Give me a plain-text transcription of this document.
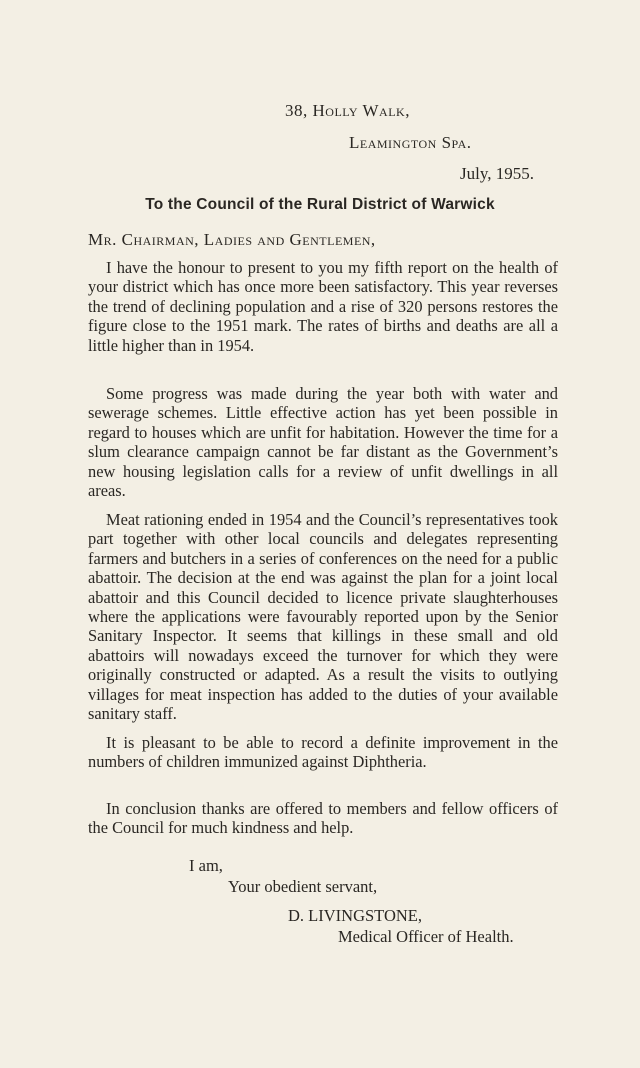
38, Holly Walk,
Leamington Spa.
July, 1955.
To the Council of the Rural District of Warwick
Mr. Chairman, Ladies and Gentlemen,

I have the honour to present to you my fifth report on the health of your district which has once more been satisfactory. This year reverses the trend of declining population and a rise of 320 persons restores the figure close to the 1951 mark. The rates of births and deaths are all a little higher than in 1954.

Some progress was made during the year both with water and sewerage schemes. Little effective action has yet been possible in regard to houses which are unfit for habitation. However the time for a slum clearance campaign cannot be far distant as the Government’s new housing legislation calls for a review of unfit dwellings in all areas.

Meat rationing ended in 1954 and the Council’s representatives took part together with other local councils and delegates representing farmers and butchers in a series of conferences on the need for a public abattoir. The decision at the end was against the plan for a joint local abattoir and this Council decided to licence private slaughterhouses where the applications were favourably reported upon by the Senior Sanitary Inspector. It seems that killings in these small and old abattoirs will nowadays exceed the turnover for which they were originally constructed or adapted. As a result the visits to outlying villages for meat inspection has added to the duties of your available sanitary staff.

It is pleasant to be able to record a definite improvement in the numbers of children immunized against Diphtheria.

In conclusion thanks are offered to members and fellow officers of the Council for much kindness and help.

I am,
Your obedient servant,
D. LIVINGSTONE,
Medical Officer of Health.
